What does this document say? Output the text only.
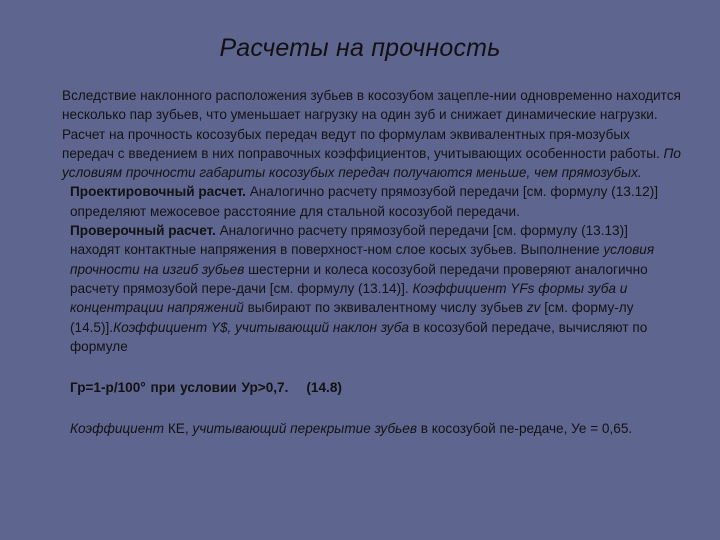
Расчеты на прочность

Вследствие наклонного расположения зубьев в косозубом зацепле-нии одновременно находится несколько пар зубьев, что уменьшает нагрузку на один зуб и снижает динамические нагрузки. Расчет на прочность косозубых передач ведут по формулам эквивалентных пря-мозубых передач с введением в них поправочных коэффициентов, учитывающих особенности работы. По условиям прочности габариты косозубых передач получаются меньше, чем прямозубых.

Проектировочный расчет. Аналогично расчету прямозубой передачи [см. формулу (13.12)] определяют межосевое расстояние для стальной косозубой передачи.

Проверочный расчет. Аналогично расчету прямозубой передачи [см. формулу (13.13)] находят контактные напряжения в поверхност-ном слое косых зубьев. Выполнение условия прочности на изгиб зубьев шестерни и колеса косозубой передачи проверяют аналогично расчету прямозубой пере-дачи [см. формулу (13.14)]. Коэффициент YFs формы зуба и концентрации напряжений выбирают по эквивалентному числу зубьев zv [см. форму-лу (14.5)].Коэффициент Y$, учитывающий наклон зуба в косозубой передаче, вычисляют по формуле

Гр=1-р/100° при условии Ур>0,7. (14.8)

Коэффициент КЕ, учитывающий перекрытие зубьев в косозубой пе-редаче, Уе = 0,65.
